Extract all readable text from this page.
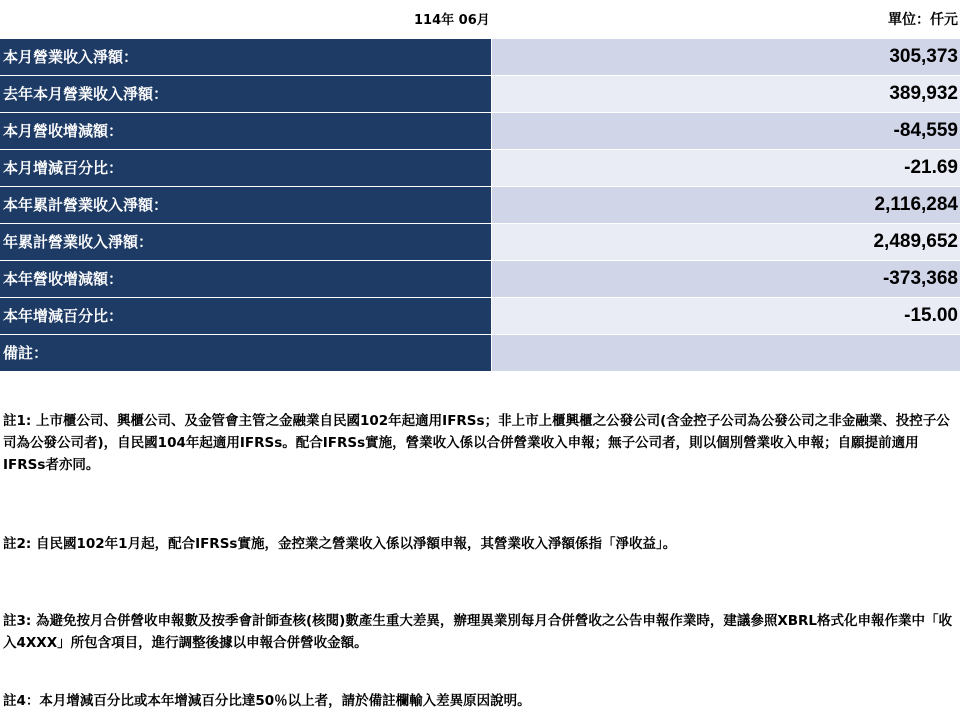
114年 06月	單位：仟元
本月營業收入淨額：	305,373
去年本月營業收入淨額：	389,932
本月營收增減額：	-84,559
本月增減百分比：	-21.69
本年累計營業收入淨額：	2,116,284
年累計營業收入淨額：	2,489,652
本年營收增減額：	-373,368
本年增減百分比：	-15.00
備註：
註1: 上市櫃公司、興櫃公司、及金管會主管之金融業自民國102年起適用IFRSs；非上市上櫃興櫃之公發公司(含金控子公司為公發公司之非金融業、投控子公司為公發公司者)，自民國104年起適用IFRSs。配合IFRSs實施，營業收入係以合併營業收入申報；無子公司者，則以個別營業收入申報；自願提前適用IFRSs者亦同。
註2: 自民國102年1月起，配合IFRSs實施，金控業之營業收入係以淨額申報，其營業收入淨額係指「淨收益」。
註3: 為避免按月合併營收申報數及按季會計師查核(核閱)數產生重大差異，辦理異業別每月合併營收之公告申報作業時，建議參照XBRL格式化申報作業中「收入4XXX」所包含項目，進行調整後據以申報合併營收金額。
註4：本月增減百分比或本年增減百分比達50％以上者，請於備註欄輸入差異原因說明。
